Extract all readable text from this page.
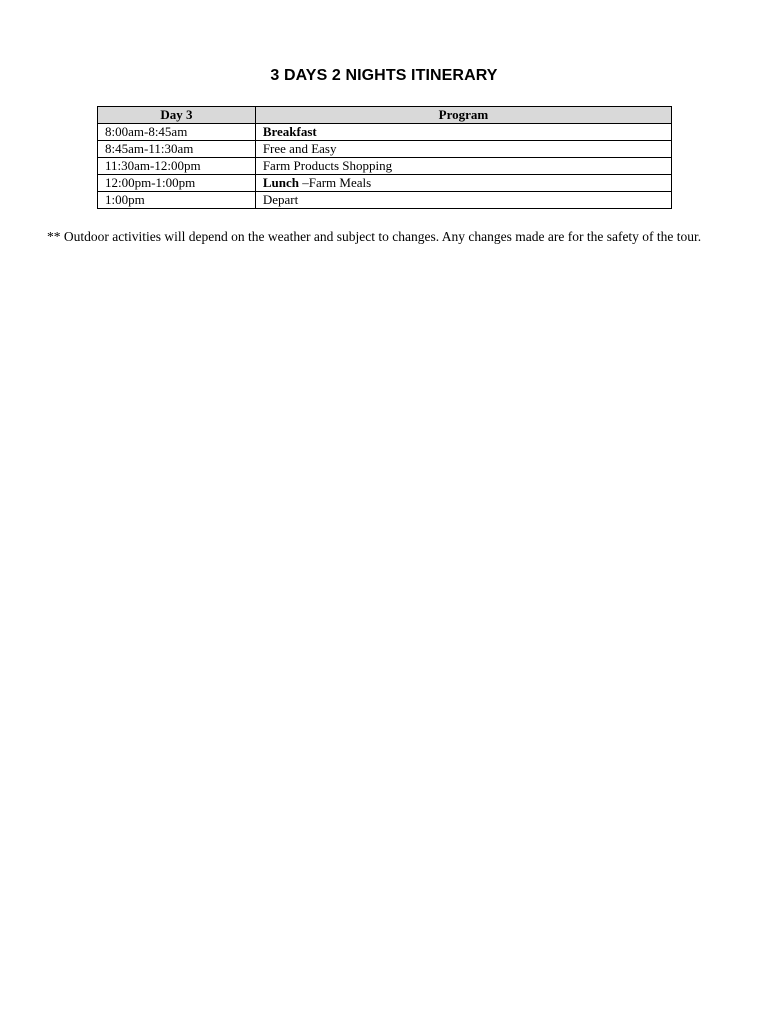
3 DAYS 2 NIGHTS ITINERARY
Day 3	Program
8:00am-8:45am	Breakfast
8:45am-11:30am	Free and Easy
11:30am-12:00pm	Farm Products Shopping
12:00pm-1:00pm	Lunch –Farm Meals
1:00pm	Depart
** Outdoor activities will depend on the weather and subject to changes. Any changes made are for the safety of the tour.
